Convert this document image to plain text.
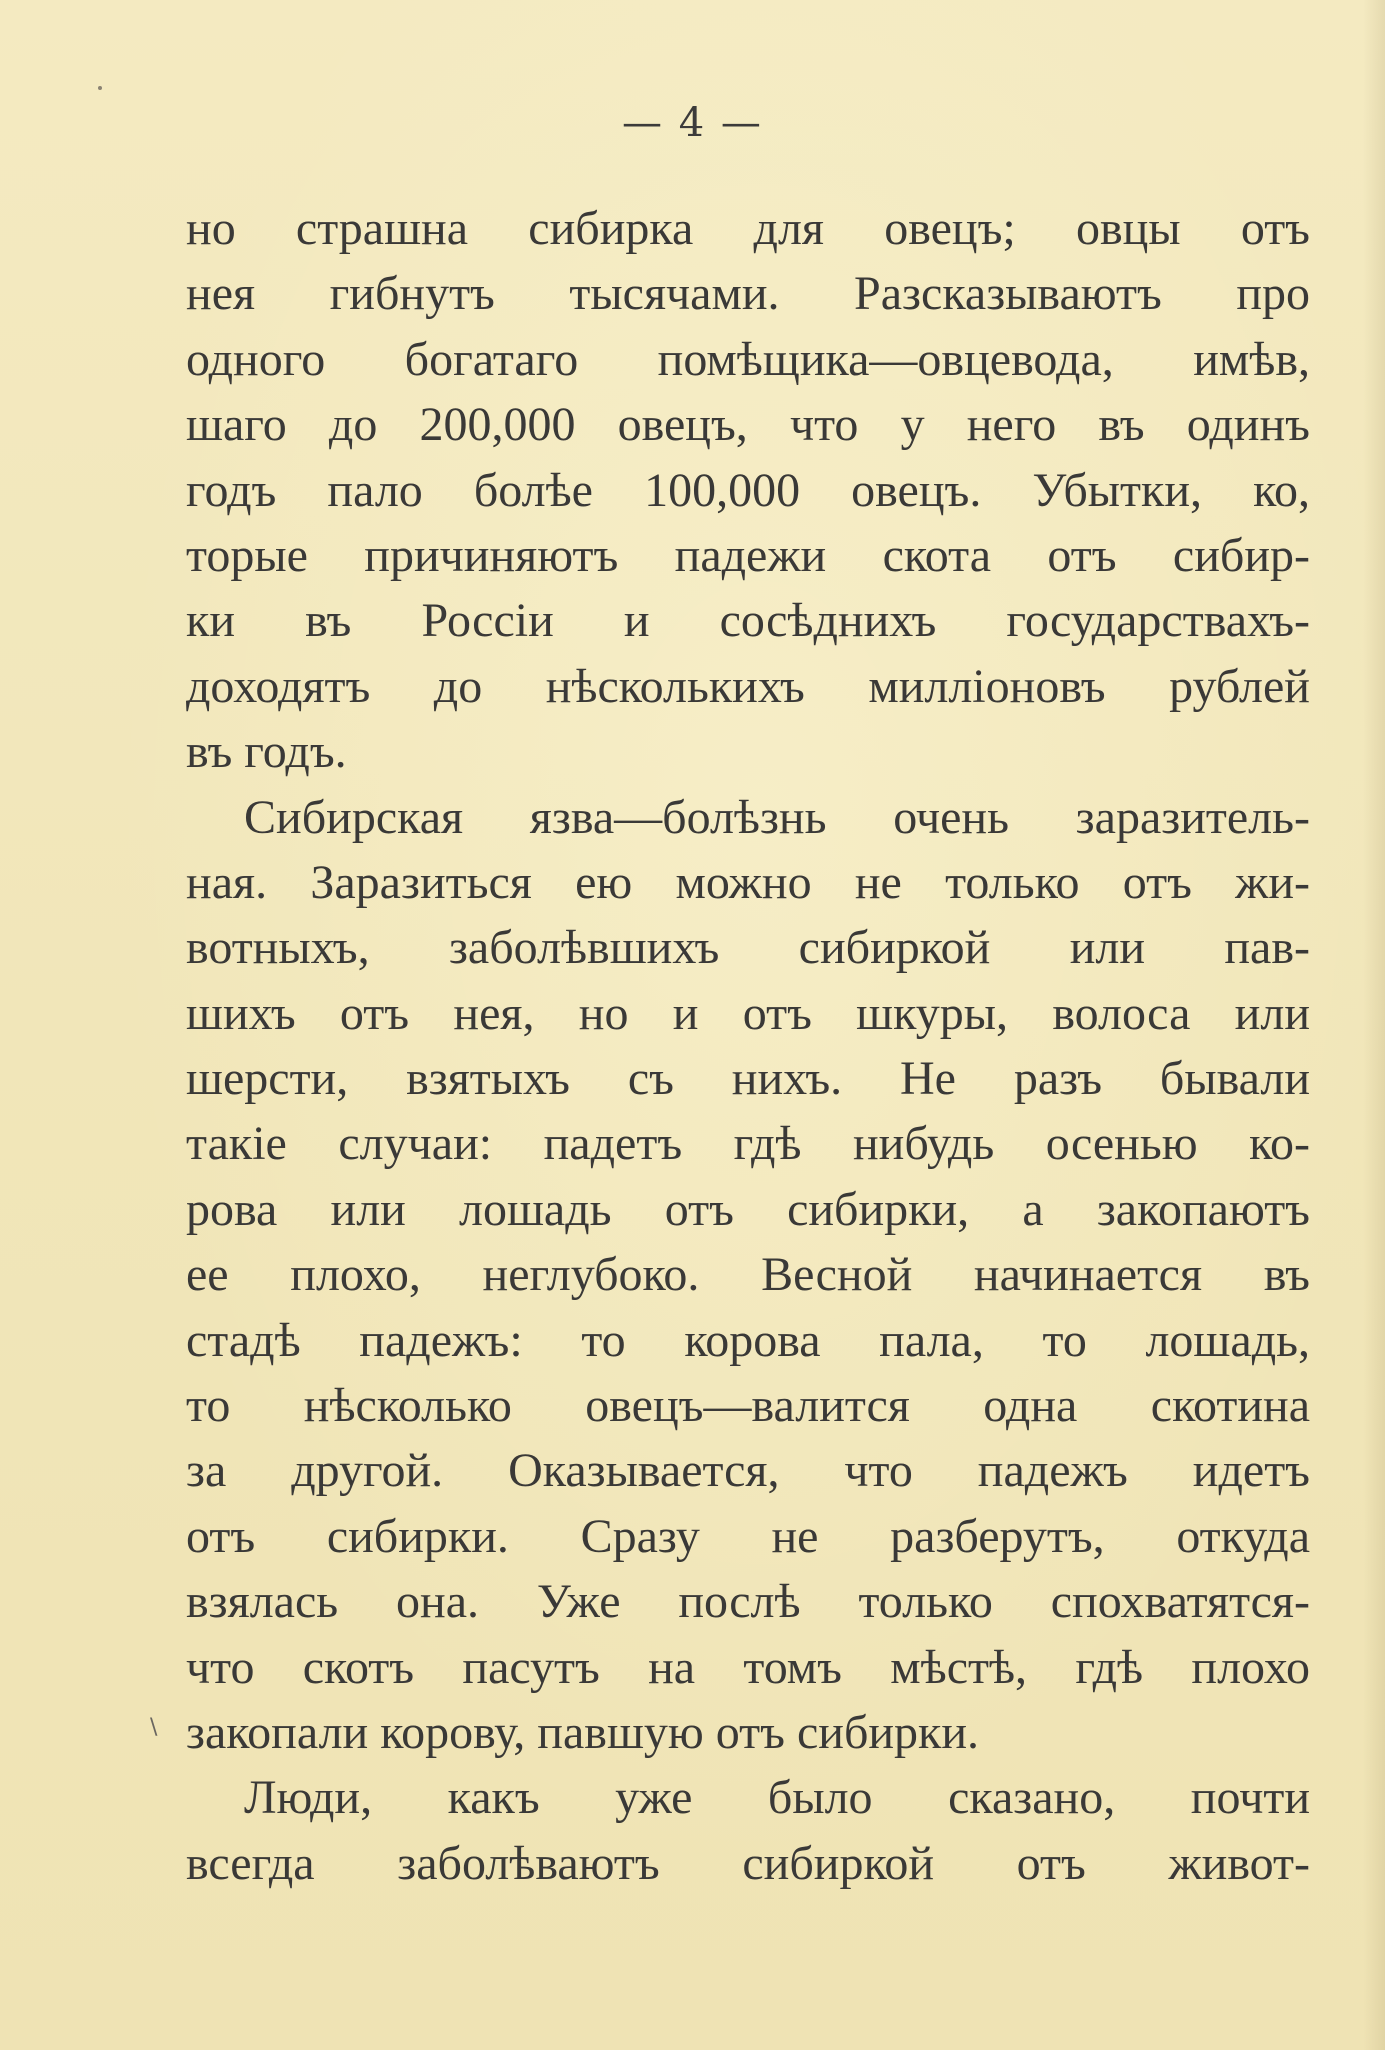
— 4 —
но страшна сибирка для овецъ; овцы отъ
нея гибнутъ тысячами. Разсказываютъ про
одного богатаго помѣщика—овцевода, имѣв,
шаго до 200,000 овецъ, что у него въ одинъ
годъ пало болѣе 100,000 овецъ. Убытки, ко,
торые причиняютъ падежи скота отъ сибир-
ки въ Россіи и сосѣднихъ государствахъ-
доходятъ до нѣсколькихъ милліоновъ рублей
въ годъ.
Сибирская язва—болѣзнь очень заразитель-
ная. Заразиться ею можно не только отъ жи-
вотныхъ, заболѣвшихъ сибиркой или пав-
шихъ отъ нея, но и отъ шкуры, волоса или
шерсти, взятыхъ съ нихъ. Не разъ бывали
такіе случаи: падетъ гдѣ нибудь осенью ко-
рова или лошадь отъ сибирки, а закопаютъ
ее плохо, неглубоко. Весной начинается въ
стадѣ падежъ: то корова пала, то лошадь,
то нѣсколько овецъ—валится одна скотина
за другой. Оказывается, что падежъ идетъ
отъ сибирки. Сразу не разберутъ, откуда
взялась она. Уже послѣ только спохватятся-
что скотъ пасутъ на томъ мѣстѣ, гдѣ плохо
закопали корову, павшую отъ сибирки.
Люди, какъ уже было сказано, почти
всегда заболѣваютъ сибиркой отъ живот-
\
